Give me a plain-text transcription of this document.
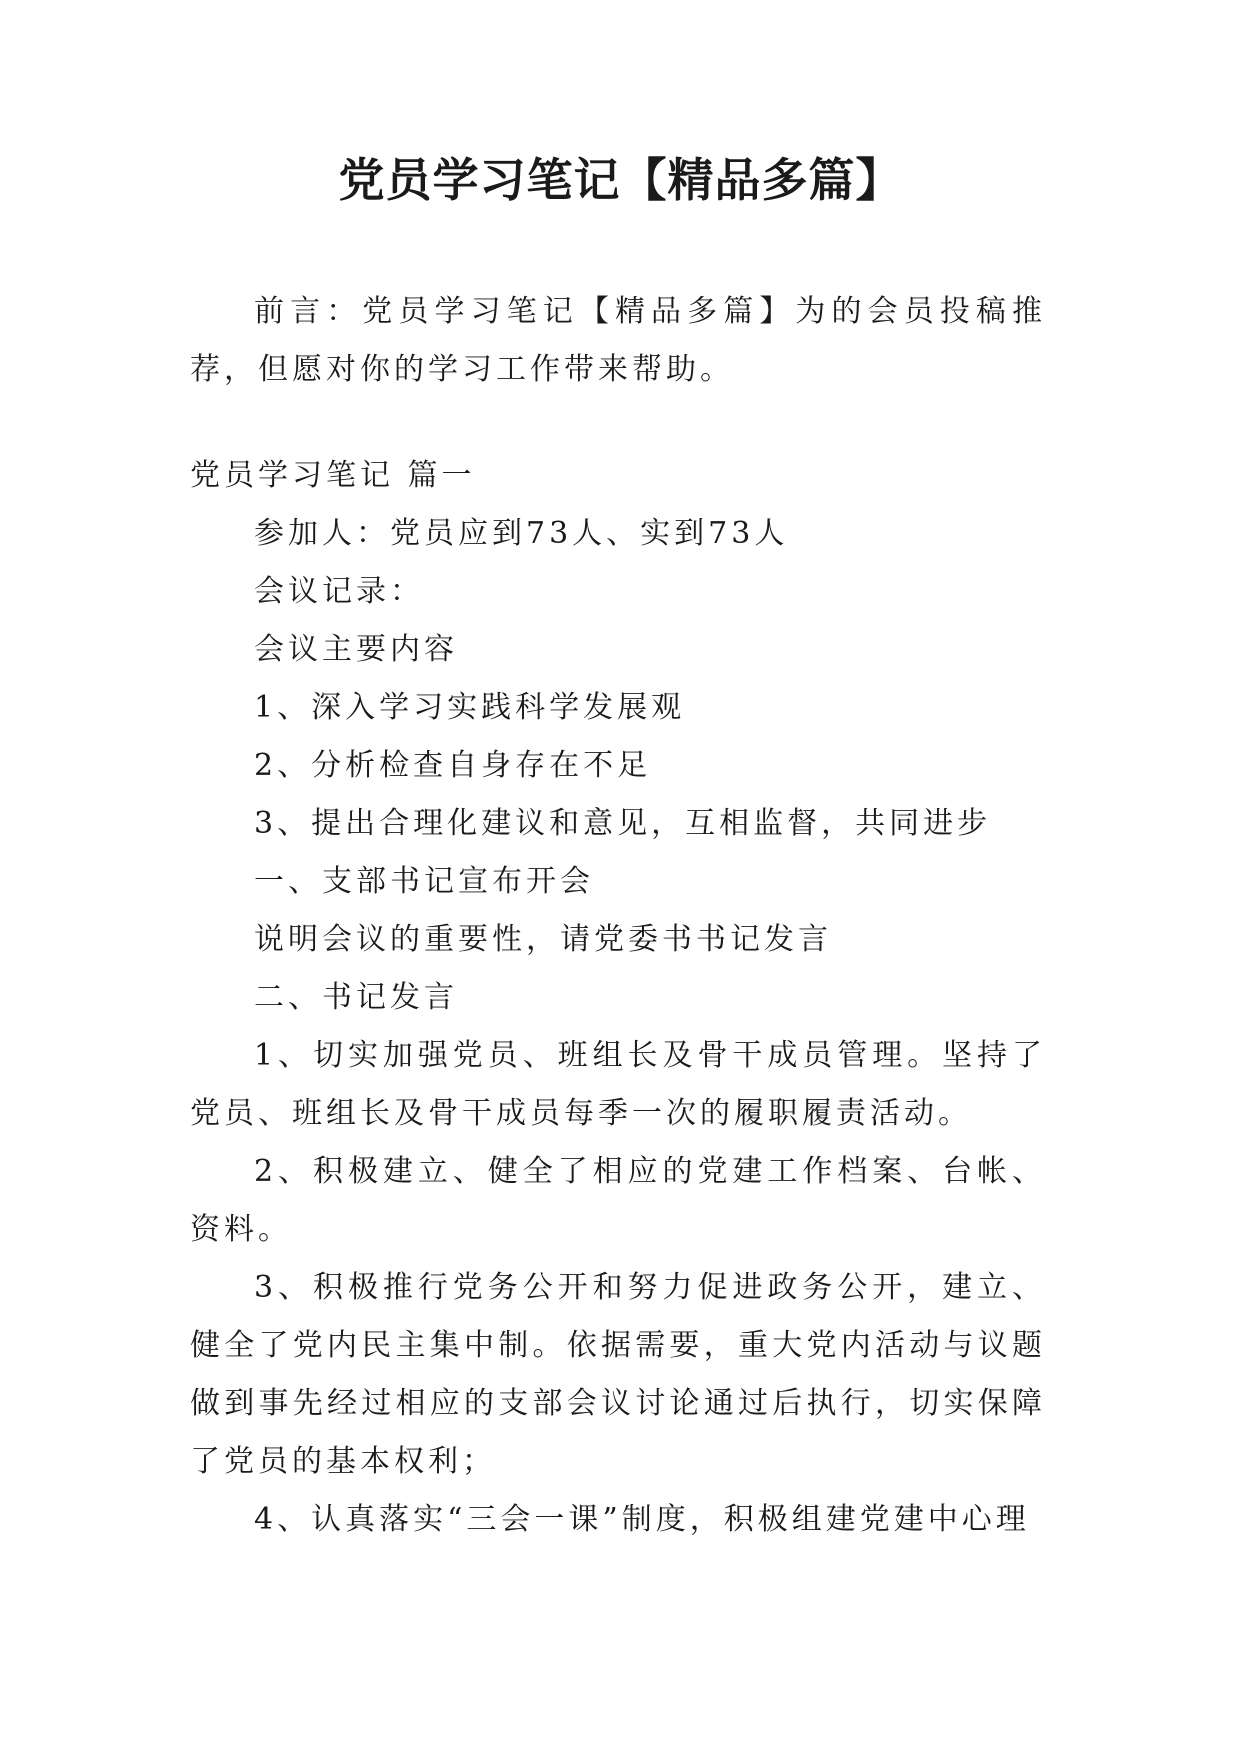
党员学习笔记【精品多篇】

前言：党员学习笔记【精品多篇】为的会员投稿推荐，但愿对你的学习工作带来帮助。

党员学习笔记 篇一

参加人：党员应到73人、实到73人

会议记录：

会议主要内容

1、深入学习实践科学发展观

2、分析检查自身存在不足

3、提出合理化建议和意见，互相监督，共同进步

一、支部书记宣布开会

说明会议的重要性，请党委书书记发言

二、书记发言

1、切实加强党员、班组长及骨干成员管理。坚持了党员、班组长及骨干成员每季一次的履职履责活动。

2、积极建立、健全了相应的党建工作档案、台帐、资料。

3、积极推行党务公开和努力促进政务公开，建立、健全了党内民主集中制。依据需要，重大党内活动与议题做到事先经过相应的支部会议讨论通过后执行，切实保障了党员的基本权利；

4、认真落实“三会一课”制度，积极组建党建中心理
